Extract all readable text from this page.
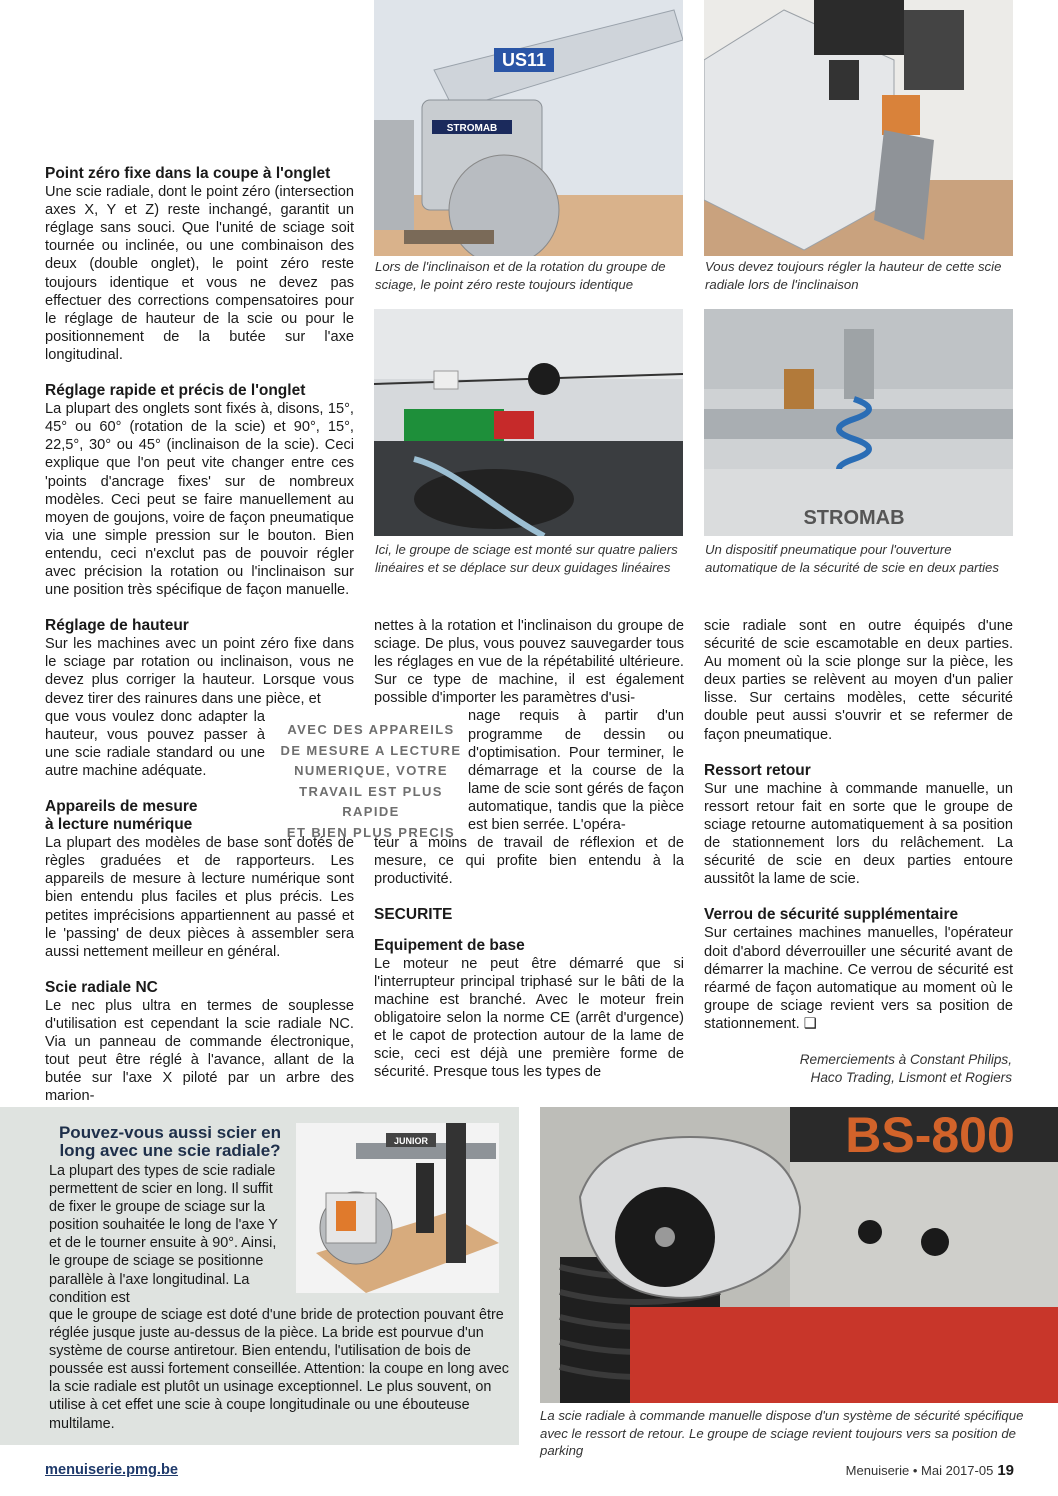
US11
STROMAB
Lors de l'inclinaison et de la rotation du groupe de sciage, le point zéro reste toujours identique
Vous devez toujours régler la hauteur de cette scie radiale lors de l'inclinaison
Ici, le groupe de sciage est monté sur quatre paliers linéaires et se déplace sur deux guidages linéaires
STROMAB
Un dispositif pneumatique pour l'ouverture automatique de la sécurité de scie en deux parties
Point zéro fixe dans la coupe à l'onglet

Une scie radiale, dont le point zéro (intersection axes X, Y et Z) reste inchangé, garantit un réglage sans souci. Que l'unité de sciage soit tournée ou inclinée, ou une combinaison des deux (double onglet), le point zéro reste toujours identique et vous ne devez pas effectuer des corrections compensatoires pour le réglage de hauteur de la scie ou pour le positionnement de la butée sur l'axe longitudinal.

Réglage rapide et précis de l'onglet

La plupart des onglets sont fixés à, disons, 15°, 45° ou 60° (rotation de la scie) et 90°, 15°, 22,5°, 30° ou 45° (inclinaison de la scie). Ceci explique que l'on peut vite changer entre ces 'points d'ancrage fixes' sur de nombreux modèles. Ceci peut se faire manuellement au moyen de goujons, voire de façon pneumatique via une simple pression sur le bouton. Bien entendu, ceci n'exclut pas de pouvoir régler avec précision la rotation ou l'inclinaison sur une position très spécifique de façon manuelle.

Réglage de hauteur

Sur les machines avec un point zéro fixe dans le sciage par rotation ou inclinaison, vous ne devez plus corriger la hauteur. Lorsque vous devez tirer des rainures dans une pièce, et

que vous voulez donc adapter la hauteur, vous pouvez passer à une scie radiale standard ou une autre machine adéquate.

Appareils de mesure à lecture numérique

La plupart des modèles de base sont dotés de règles graduées et de rapporteurs. Les appareils de mesure à lecture numérique sont bien entendu plus faciles et plus précis. Les petites imprécisions appartiennent au passé et le 'passing' de deux pièces à assembler sera aussi nettement meilleur en général.

Scie radiale NC

Le nec plus ultra en termes de souplesse d'utilisation est cependant la scie radiale NC. Via un panneau de commande électronique, tout peut être réglé à l'avance, allant de la butée sur l'axe X piloté par un arbre des marion-

AVEC DES APPAREILS
DE MESURE A LECTURE
NUMERIQUE, VOTRE
TRAVAIL EST PLUS RAPIDE
ET BIEN PLUS PRECIS

nettes à la rotation et l'inclinaison du groupe de sciage. De plus, vous pouvez sauvegarder tous les réglages en vue de la répétabilité ultérieure. Sur ce type de machine, il est également possible d'importer les paramètres d'usi-

nage requis à partir d'un programme de dessin ou d'optimisation. Pour terminer, le démarrage et la course de la lame de scie sont gérés de façon automatique, tandis que la pièce est bien serrée. L'opéra-

teur a moins de travail de réflexion et de mesure, ce qui profite bien entendu à la productivité.

SECURITE
Equipement de base

Le moteur ne peut être démarré que si l'interrupteur principal triphasé sur le bâti de la machine est branché. Avec le moteur frein obligatoire selon la norme CE (arrêt d'urgence) et le capot de protection autour de la lame de scie, ceci est déjà une première forme de sécurité. Presque tous les types de

scie radiale sont en outre équipés d'une sécurité de scie escamotable en deux parties. Au moment où la scie plonge sur la pièce, les deux parties se relèvent au moyen d'un palier lisse. Sur certains modèles, cette sécurité double peut aussi s'ouvrir et se refermer de façon pneumatique.

Ressort retour

Sur une machine à commande manuelle, un ressort retour fait en sorte que le groupe de sciage retourne automatiquement à sa position de stationnement lors du relâchement. La sécurité de scie en deux parties entoure aussitôt la lame de scie.

Verrou de sécurité supplémentaire

Sur certaines machines manuelles, l'opérateur doit d'abord déverrouiller une sécurité avant de démarrer la machine. Ce verrou de sécurité est réarmé de façon automatique au moment où le groupe de sciage revient vers sa position de stationnement. ❑

Remerciements à Constant Philips,
Haco Trading, Lismont et Rogiers
Pouvez-vous aussi scier en
long avec une scie radiale?

La plupart des types de scie radiale permettent de scier en long. Il suffit de fixer le groupe de sciage sur la position souhaitée le long de l'axe Y et de le tourner ensuite à 90°. Ainsi, le groupe de sciage se positionne parallèle à l'axe longitudinal. La condition est

JUNIOR

que le groupe de sciage est doté d'une bride de protection pouvant être réglée jusque juste au-dessus de la pièce. La bride est pourvue d'un système de course antiretour. Bien entendu, l'utilisation de bois de poussée est aussi fortement conseillée. Attention: la coupe en long avec la scie radiale est plutôt un usinage exceptionnel. Le plus souvent, on utilise à cet effet une scie à coupe longitudinale ou une ébouteuse multilame.

BS-800
La scie radiale à commande manuelle dispose d'un système de sécurité spécifique avec le ressort de retour. Le groupe de sciage revient toujours vers sa position de parking
menuiserie.pmg.be	Menuiserie • Mai 2017-05 19
